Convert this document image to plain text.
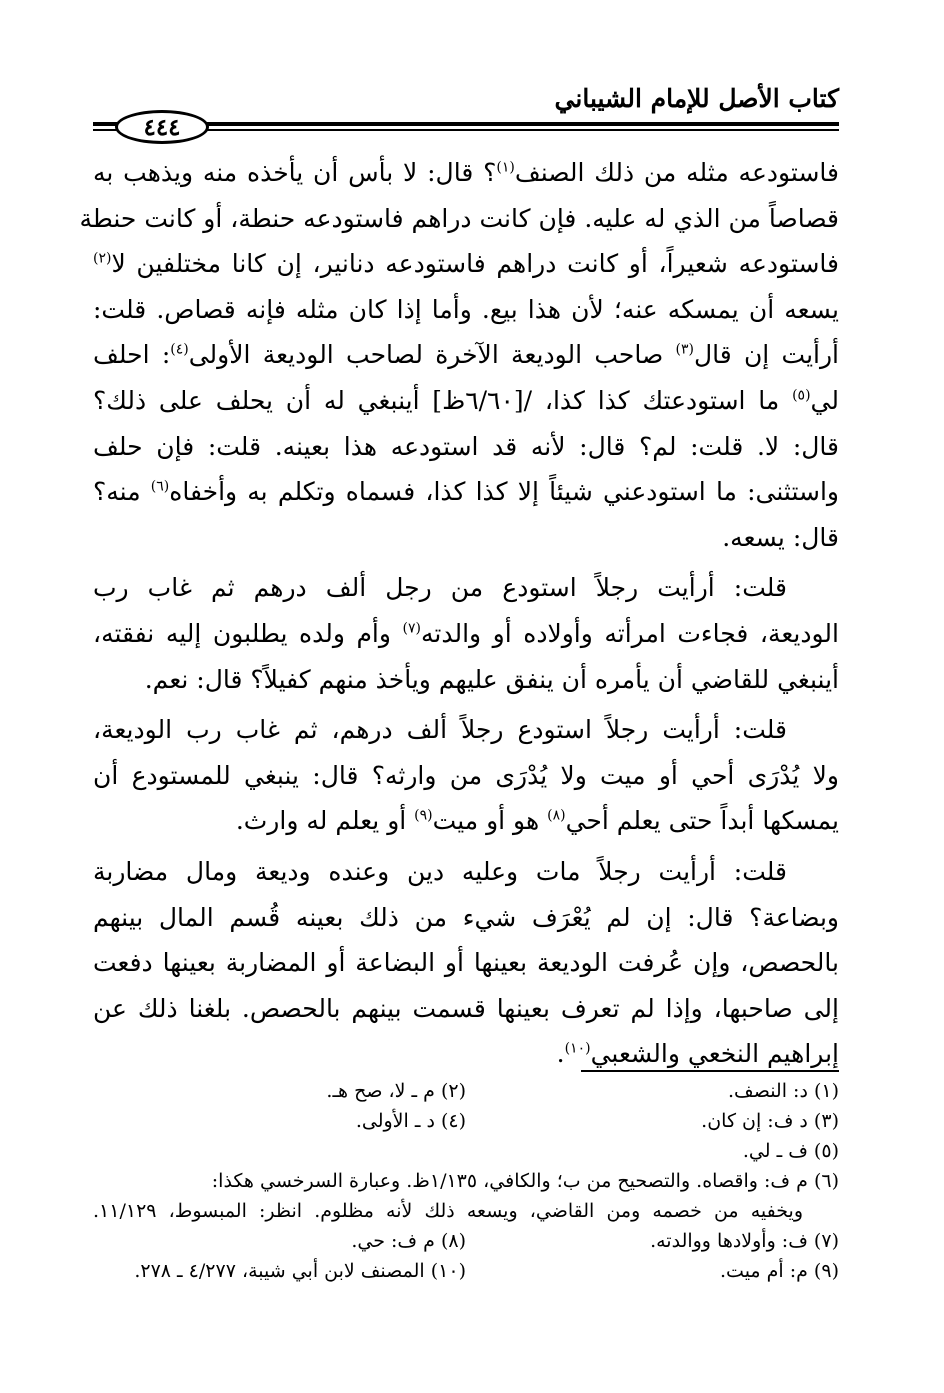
كتاب الأصل للإمام الشيباني
٤٤٤
فاستودعه مثله من ذلك الصنف$^{(١)}$؟ قال: لا بأس أن يأخذه منه ويذهب به
قصاصاً من الذي له عليه. فإن كانت دراهم فاستودعه حنطة، أو كانت حنطة
فاستودعه شعيراً، أو كانت دراهم فاستودعه دنانير، إن كانا مختلفين لا$^{(٢)}$
يسعه أن يمسكه عنه؛ لأن هذا بيع. وأما إذا كان مثله فإنه قصاص. قلت:
أرأيت إن قال$^{(٣)}$ صاحب الوديعة الآخرة لصاحب الوديعة الأولى$^{(٤)}$: احلف
لي$^{(٥)}$ ما استودعتك كذا كذا، /[٦/٦٠ظ] أينبغي له أن يحلف على ذلك؟
قال: لا. قلت: لم؟ قال: لأنه قد استودعه هذا بعينه. قلت: فإن حلف
واستثنى: ما استودعني شيئاً إلا كذا كذا، فسماه وتكلم به وأخفاه$^{(٦)}$ منه؟
قال: يسعه.
قلت: أرأيت رجلاً استودع من رجل ألف درهم ثم غاب رب
الوديعة، فجاءت امرأته وأولاده أو والدته$^{(٧)}$ وأم ولده يطلبون إليه نفقته،
أينبغي للقاضي أن يأمره أن ينفق عليهم ويأخذ منهم كفيلاً؟ قال: نعم.
قلت: أرأيت رجلاً استودع رجلاً ألف درهم، ثم غاب رب الوديعة،
ولا يُدْرَى أحي أو ميت ولا يُدْرَى من وارثه؟ قال: ينبغي للمستودع أن
يمسكها أبداً حتى يعلم أحي$^{(٨)}$ هو أو ميت$^{(٩)}$ أو يعلم له وارث.
قلت: أرأيت رجلاً مات وعليه دين وعنده وديعة ومال مضاربة
وبضاعة؟ قال: إن لم يُعْرَف شيء من ذلك بعينه قُسم المال بينهم
بالحصص، وإن عُرفت الوديعة بعينها أو البضاعة أو المضاربة بعينها دفعت
إلى صاحبها، وإذا لم تعرف بعينها قسمت بينهم بالحصص. بلغنا ذلك عن
إبراهيم النخعي والشعبي$^{(١٠)}$.
(١) د: النصف.
(٢) م ـ لا، صح هـ.
(٣) د ف: إن كان.
(٤) د ـ الأولى.
(٥) ف ـ لي.
(٦) م ف: واقصاه. والتصحيح من ب؛ والكافي، ١/١٣٥ظ. وعبارة السرخسي هكذا:
ويخفيه من خصمه ومن القاضي، ويسعه ذلك لأنه مظلوم. انظر: المبسوط، ١١/١٢٩.
(٧) ف: وأولادها ووالدته.
(٨) م ف: حي.
(٩) م: أم ميت.
(١٠) المصنف لابن أبي شيبة، ٤/٢٧٧ ـ ٢٧٨.
